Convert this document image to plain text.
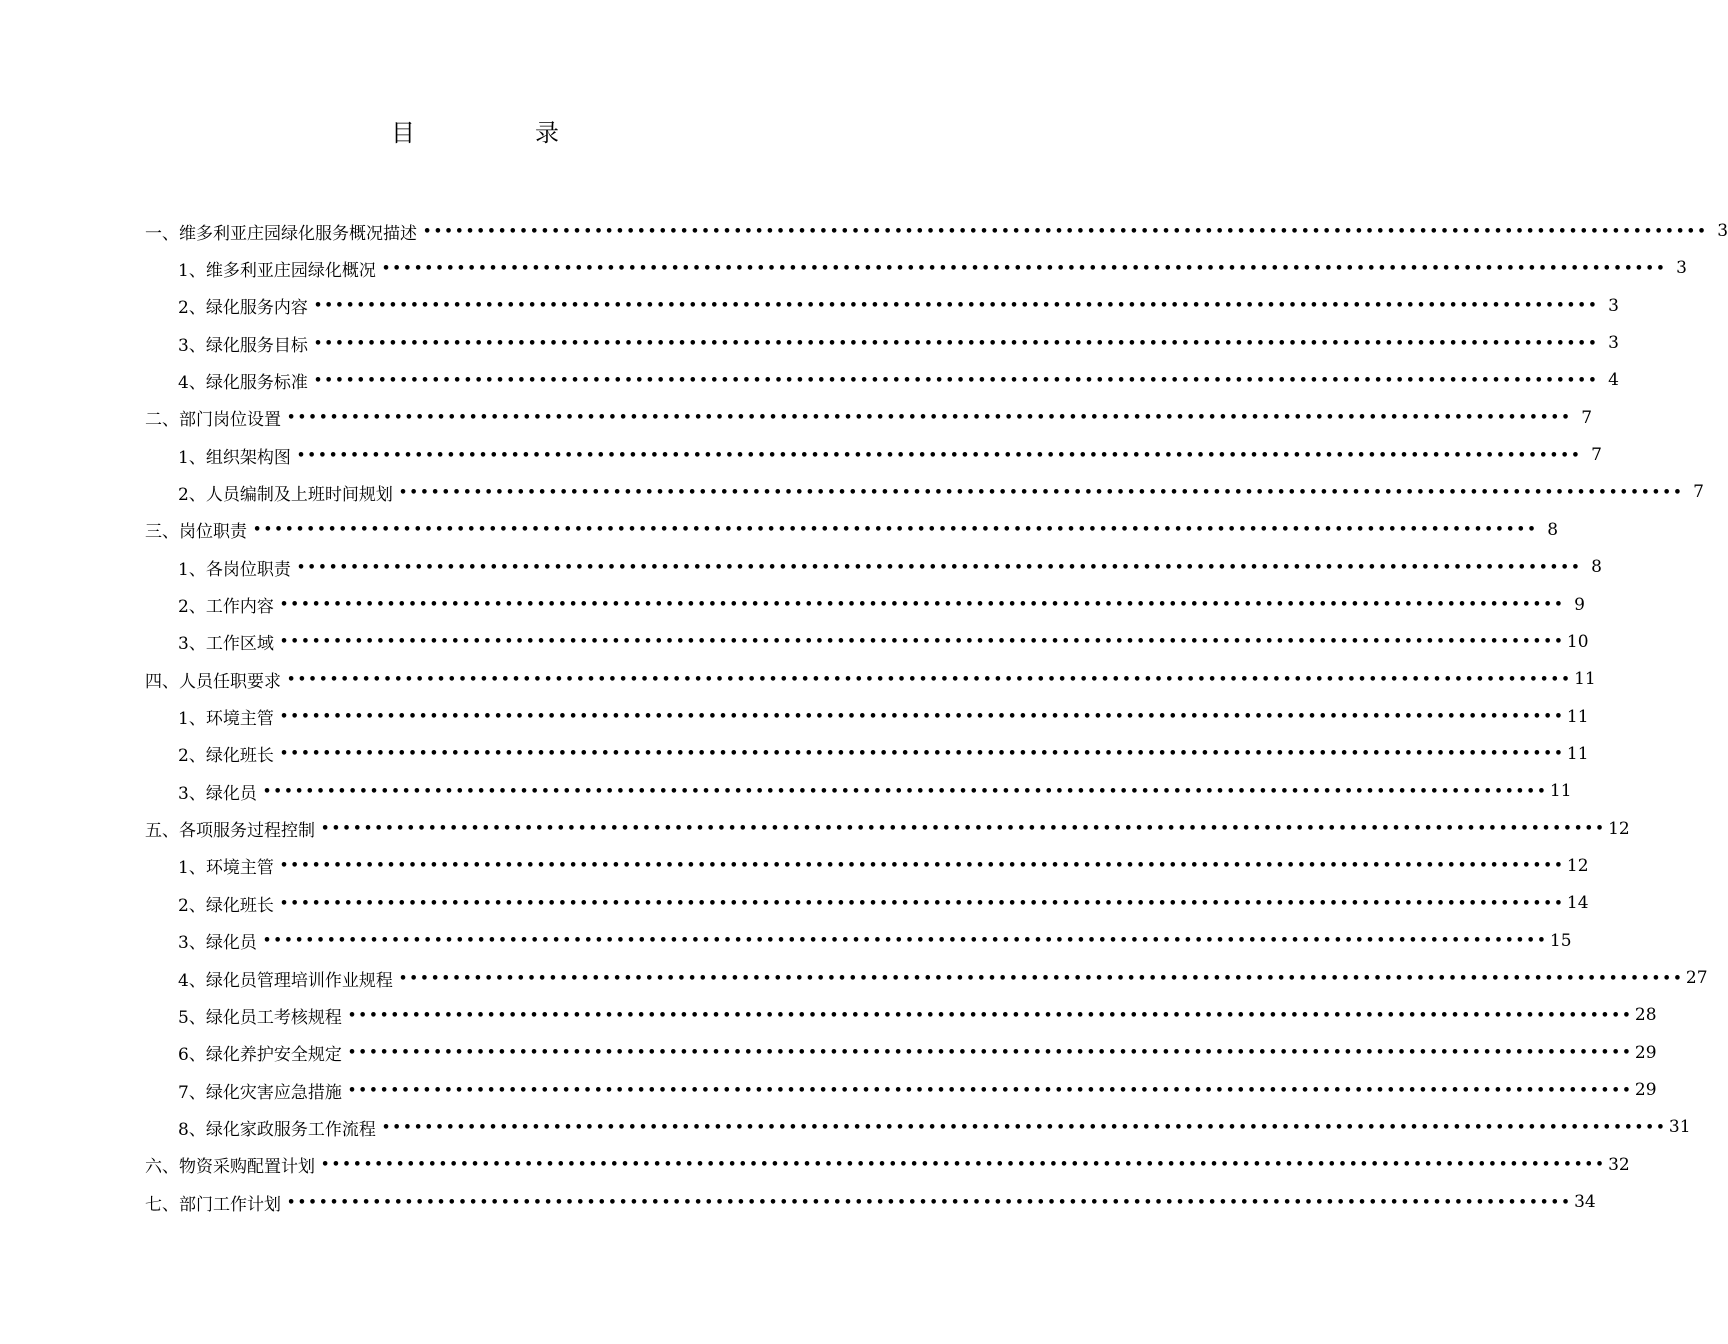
目	录
一、维多利亚庄园绿化服务概况描述 •••••••••••••••••••••••••••••••••••••••••••••••••••••••••••••••••••••••••••••••••••••••••••••••••••••••••••••••••••••••• 3
1、维多利亚庄园绿化概况 •••••••••••••••••••••••••••••••••••••••••••••••••••••••••••••••••••••••••••••••••••••••••••••••••••••••••••••••••••••••• 3
2、绿化服务内容 •••••••••••••••••••••••••••••••••••••••••••••••••••••••••••••••••••••••••••••••••••••••••••••••••••••••••••••••••••••••• 3
3、绿化服务目标 •••••••••••••••••••••••••••••••••••••••••••••••••••••••••••••••••••••••••••••••••••••••••••••••••••••••••••••••••••••••• 3
4、绿化服务标准 •••••••••••••••••••••••••••••••••••••••••••••••••••••••••••••••••••••••••••••••••••••••••••••••••••••••••••••••••••••••• 4
二、部门岗位设置 •••••••••••••••••••••••••••••••••••••••••••••••••••••••••••••••••••••••••••••••••••••••••••••••••••••••••••••••••••••••• 7
1、组织架构图 •••••••••••••••••••••••••••••••••••••••••••••••••••••••••••••••••••••••••••••••••••••••••••••••••••••••••••••••••••••••• 7
2、人员编制及上班时间规划 •••••••••••••••••••••••••••••••••••••••••••••••••••••••••••••••••••••••••••••••••••••••••••••••••••••••••••••••••••••••• 7
三、岗位职责 •••••••••••••••••••••••••••••••••••••••••••••••••••••••••••••••••••••••••••••••••••••••••••••••••••••••••••••••••••••••• 8
1、各岗位职责 •••••••••••••••••••••••••••••••••••••••••••••••••••••••••••••••••••••••••••••••••••••••••••••••••••••••••••••••••••••••• 8
2、工作内容 •••••••••••••••••••••••••••••••••••••••••••••••••••••••••••••••••••••••••••••••••••••••••••••••••••••••••••••••••••••••• 9
3、工作区域 •••••••••••••••••••••••••••••••••••••••••••••••••••••••••••••••••••••••••••••••••••••••••••••••••••••••••••••••••••••••• 10
四、人员任职要求 •••••••••••••••••••••••••••••••••••••••••••••••••••••••••••••••••••••••••••••••••••••••••••••••••••••••••••••••••••••••• 11
1、环境主管 •••••••••••••••••••••••••••••••••••••••••••••••••••••••••••••••••••••••••••••••••••••••••••••••••••••••••••••••••••••••• 11
2、绿化班长 •••••••••••••••••••••••••••••••••••••••••••••••••••••••••••••••••••••••••••••••••••••••••••••••••••••••••••••••••••••••• 11
3、绿化员 •••••••••••••••••••••••••••••••••••••••••••••••••••••••••••••••••••••••••••••••••••••••••••••••••••••••••••••••••••••••• 11
五、各项服务过程控制 •••••••••••••••••••••••••••••••••••••••••••••••••••••••••••••••••••••••••••••••••••••••••••••••••••••••••••••••••••••••• 12
1、环境主管 •••••••••••••••••••••••••••••••••••••••••••••••••••••••••••••••••••••••••••••••••••••••••••••••••••••••••••••••••••••••• 12
2、绿化班长 •••••••••••••••••••••••••••••••••••••••••••••••••••••••••••••••••••••••••••••••••••••••••••••••••••••••••••••••••••••••• 14
3、绿化员 •••••••••••••••••••••••••••••••••••••••••••••••••••••••••••••••••••••••••••••••••••••••••••••••••••••••••••••••••••••••• 15
4、绿化员管理培训作业规程 •••••••••••••••••••••••••••••••••••••••••••••••••••••••••••••••••••••••••••••••••••••••••••••••••••••••••••••••••••••••• 27
5、绿化员工考核规程 •••••••••••••••••••••••••••••••••••••••••••••••••••••••••••••••••••••••••••••••••••••••••••••••••••••••••••••••••••••••• 28
6、绿化养护安全规定 •••••••••••••••••••••••••••••••••••••••••••••••••••••••••••••••••••••••••••••••••••••••••••••••••••••••••••••••••••••••• 29
7、绿化灾害应急措施 •••••••••••••••••••••••••••••••••••••••••••••••••••••••••••••••••••••••••••••••••••••••••••••••••••••••••••••••••••••••• 29
8、绿化家政服务工作流程 •••••••••••••••••••••••••••••••••••••••••••••••••••••••••••••••••••••••••••••••••••••••••••••••••••••••••••••••••••••••• 31
六、物资采购配置计划 •••••••••••••••••••••••••••••••••••••••••••••••••••••••••••••••••••••••••••••••••••••••••••••••••••••••••••••••••••••••• 32
七、部门工作计划 •••••••••••••••••••••••••••••••••••••••••••••••••••••••••••••••••••••••••••••••••••••••••••••••••••••••••••••••••••••••• 34
